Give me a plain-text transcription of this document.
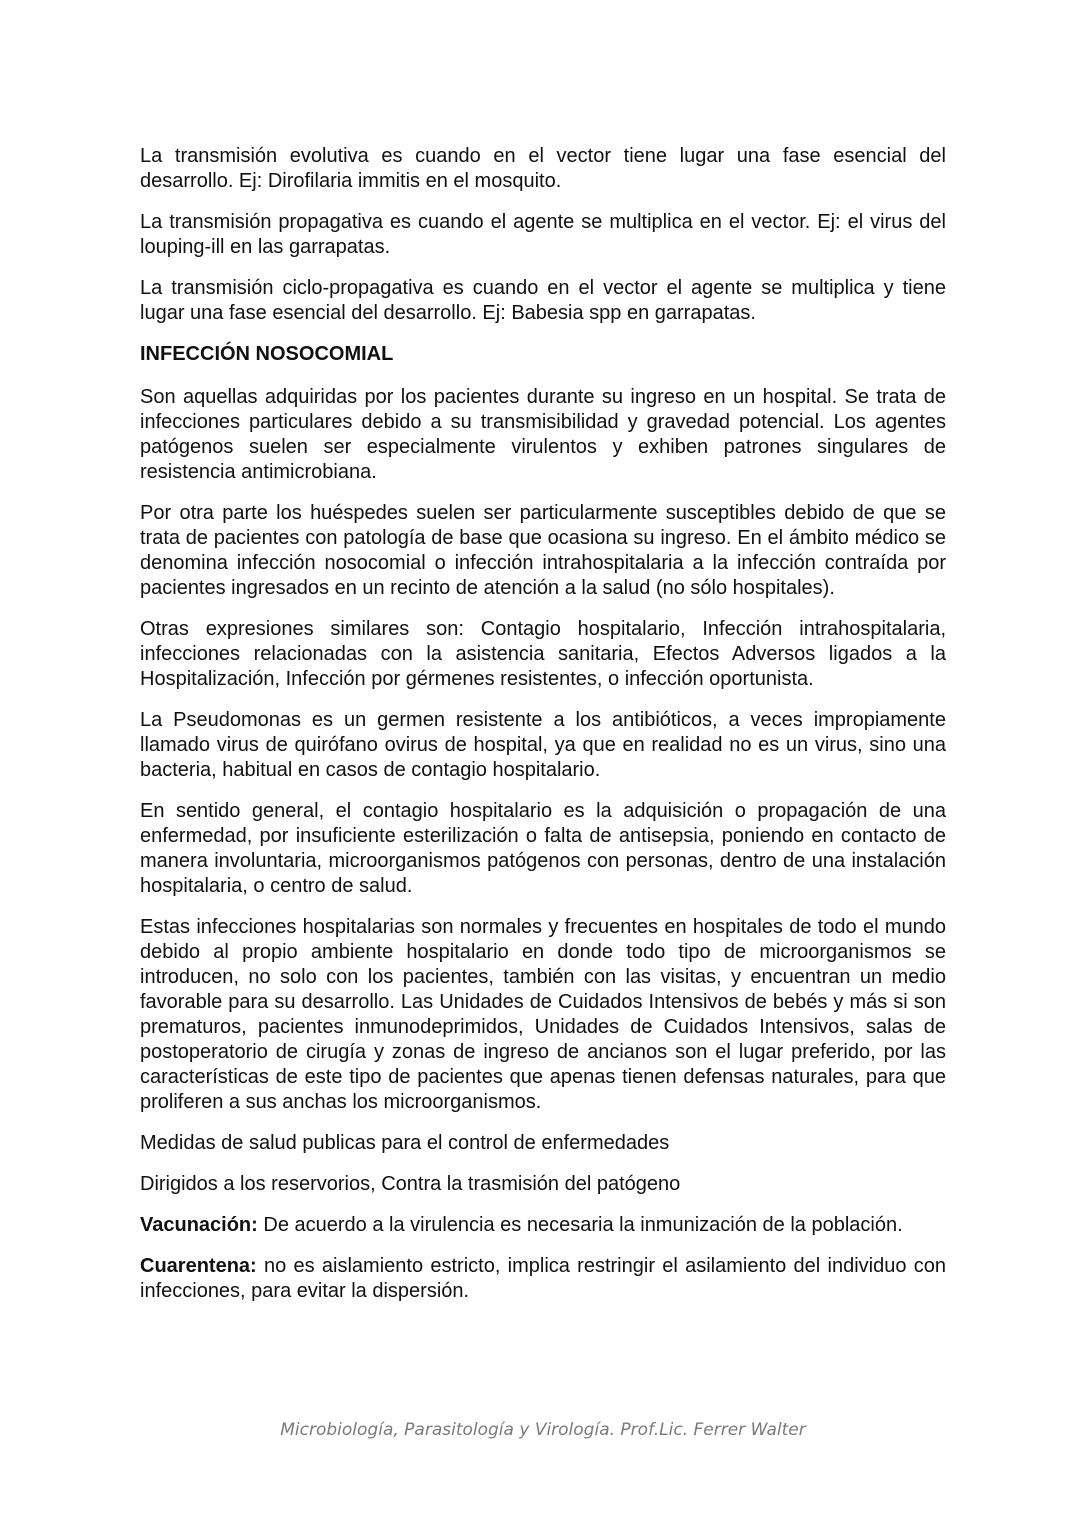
La transmisión evolutiva es cuando en el vector tiene lugar una fase esencial del desarrollo. Ej: Dirofilaria immitis en el mosquito.

La transmisión propagativa es cuando el agente se multiplica en el vector. Ej: el virus del louping-ill en las garrapatas.

La transmisión ciclo-propagativa es cuando en el vector el agente se multiplica y tiene lugar una fase esencial del desarrollo. Ej: Babesia spp en garrapatas.

INFECCIÓN NOSOCOMIAL

Son aquellas adquiridas por los pacientes durante su ingreso en un hospital. Se trata de infecciones particulares debido a su transmisibilidad y gravedad potencial. Los agentes patógenos suelen ser especialmente virulentos y exhiben patrones singulares de resistencia antimicrobiana.

Por otra parte los huéspedes suelen ser particularmente susceptibles debido de que se trata de pacientes con patología de base que ocasiona su ingreso. En el ámbito médico se denomina infección nosocomial o infección intrahospitalaria a la infección contraída por pacientes ingresados en un recinto de atención a la salud (no sólo hospitales).

Otras expresiones similares son: Contagio hospitalario, Infección intrahospitalaria, infecciones relacionadas con la asistencia sanitaria, Efectos Adversos ligados a la Hospitalización, Infección por gérmenes resistentes, o infección oportunista.

La Pseudomonas es un germen resistente a los antibióticos, a veces impropiamente llamado virus de quirófano ovirus de hospital, ya que en realidad no es un virus, sino una bacteria, habitual en casos de contagio hospitalario.

En sentido general, el contagio hospitalario es la adquisición o propagación de una enfermedad, por insuficiente esterilización o falta de antisepsia, poniendo en contacto de manera involuntaria, microorganismos patógenos con personas, dentro de una instalación hospitalaria, o centro de salud.

Estas infecciones hospitalarias son normales y frecuentes en hospitales de todo el mundo debido al propio ambiente hospitalario en donde todo tipo de microorganismos se introducen, no solo con los pacientes, también con las visitas, y encuentran un medio favorable para su desarrollo. Las Unidades de Cuidados Intensivos de bebés y más si son prematuros, pacientes inmunodeprimidos, Unidades de Cuidados Intensivos, salas de postoperatorio de cirugía y zonas de ingreso de ancianos son el lugar preferido, por las características de este tipo de pacientes que apenas tienen defensas naturales, para que proliferen a sus anchas los microorganismos.

Medidas de salud publicas para el control de enfermedades

Dirigidos a los reservorios, Contra la trasmisión del patógeno

Vacunación: De acuerdo a la virulencia es necesaria la inmunización de la población.

Cuarentena: no es aislamiento estricto, implica restringir el asilamiento del individuo con infecciones, para evitar la dispersión.

Microbiología, Parasitología y Virología. Prof.Lic. Ferrer Walter
